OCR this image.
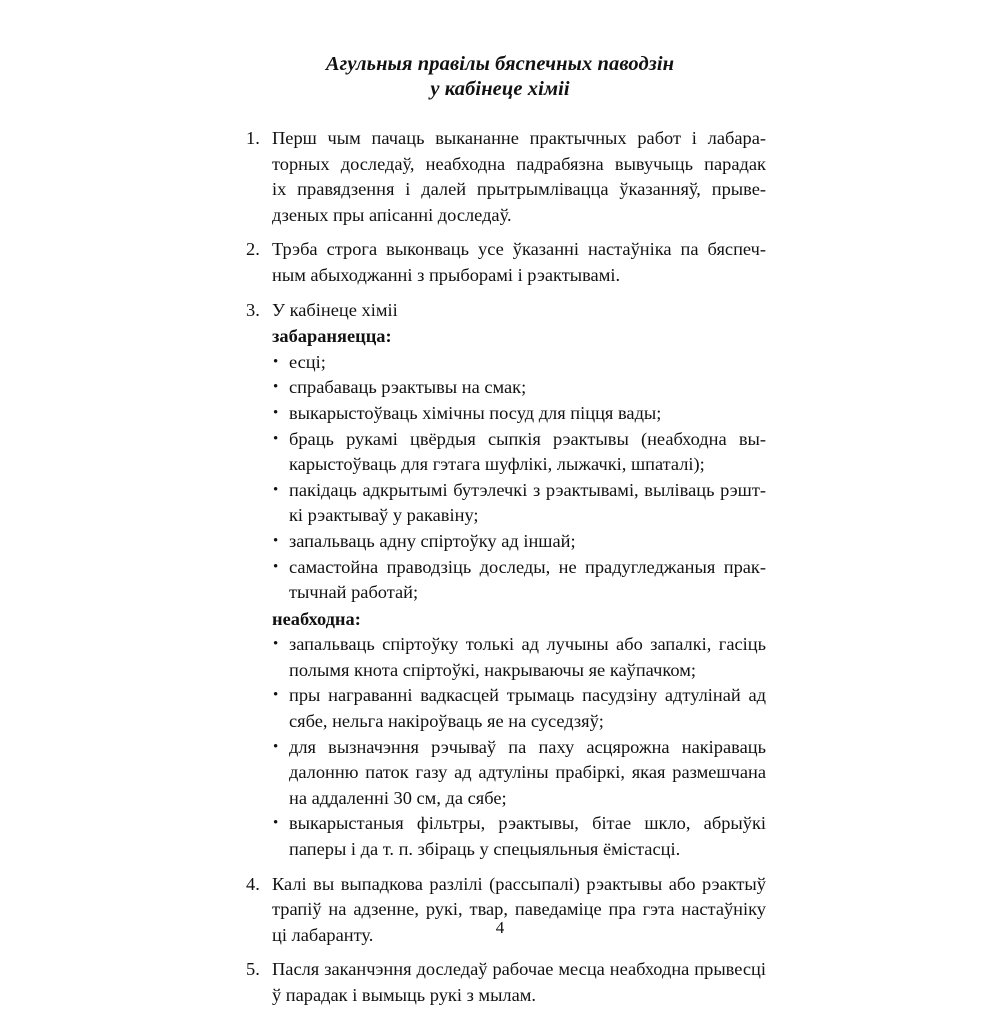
Агульныя правілы бяспечных паводзін
у кабінеце хіміі
1. Перш чым пачаць выкананне практычных работ і лабара-
торных доследаў, неабходна падрабязна вывучыць парадак
іх правядзення і далей прытрымлівацца ўказанняў, прыве-
дзеных пры апісанні доследаў.
2. Трэба строга выконваць усе ўказанні настаўніка па бяспеч-
ным абыходжанні з прыборамі і рэактывамі.
3. У кабінеце хіміі
забараняецца:
• есці;
• спрабаваць рэактывы на смак;
• выкарыстоўваць хімічны посуд для піцця вады;
• браць рукамі цвёрдыя сыпкія рэактывы (неабходна вы-
карыстоўваць для гэтага шуфлікі, лыжачкі, шпаталі);
• пакідаць адкрытымі бутэлечкі з рэактывамі, выліваць рэшт-
кі рэактываў у ракавіну;
• запальваць адну спіртоўку ад іншай;
• самастойна праводзіць доследы, не прадугледжаныя прак-
тычнай работай;
неабходна:
• запальваць спіртоўку толькі ад лучыны або запалкі, гасіць
полымя кнота спіртоўкі, накрываючы яе каўпачком;
• пры награванні вадкасцей трымаць пасудзіну адтулінай ад
сябе, нельга накіроўваць яе на суседзяў;
• для вызначэння рэчываў па паху асцярожна накіраваць
далонню паток газу ад адтуліны прабіркі, якая размешчана
на аддаленні 30 см, да сябе;
• выкарыстаныя фільтры, рэактывы, бітае шкло, абрыўкі
паперы і да т. п. збіраць у спецыяльныя ёмістасці.
4. Калі вы выпадкова разлілі (рассыпалі) рэактывы або рэактыў
трапіў на адзенне, рукі, твар, паведаміце пра гэта настаўніку
ці лабаранту.
5. Пасля заканчэння доследаў рабочае месца неабходна прывесці
ў парадак і вымыць рукі з мылам.
4
